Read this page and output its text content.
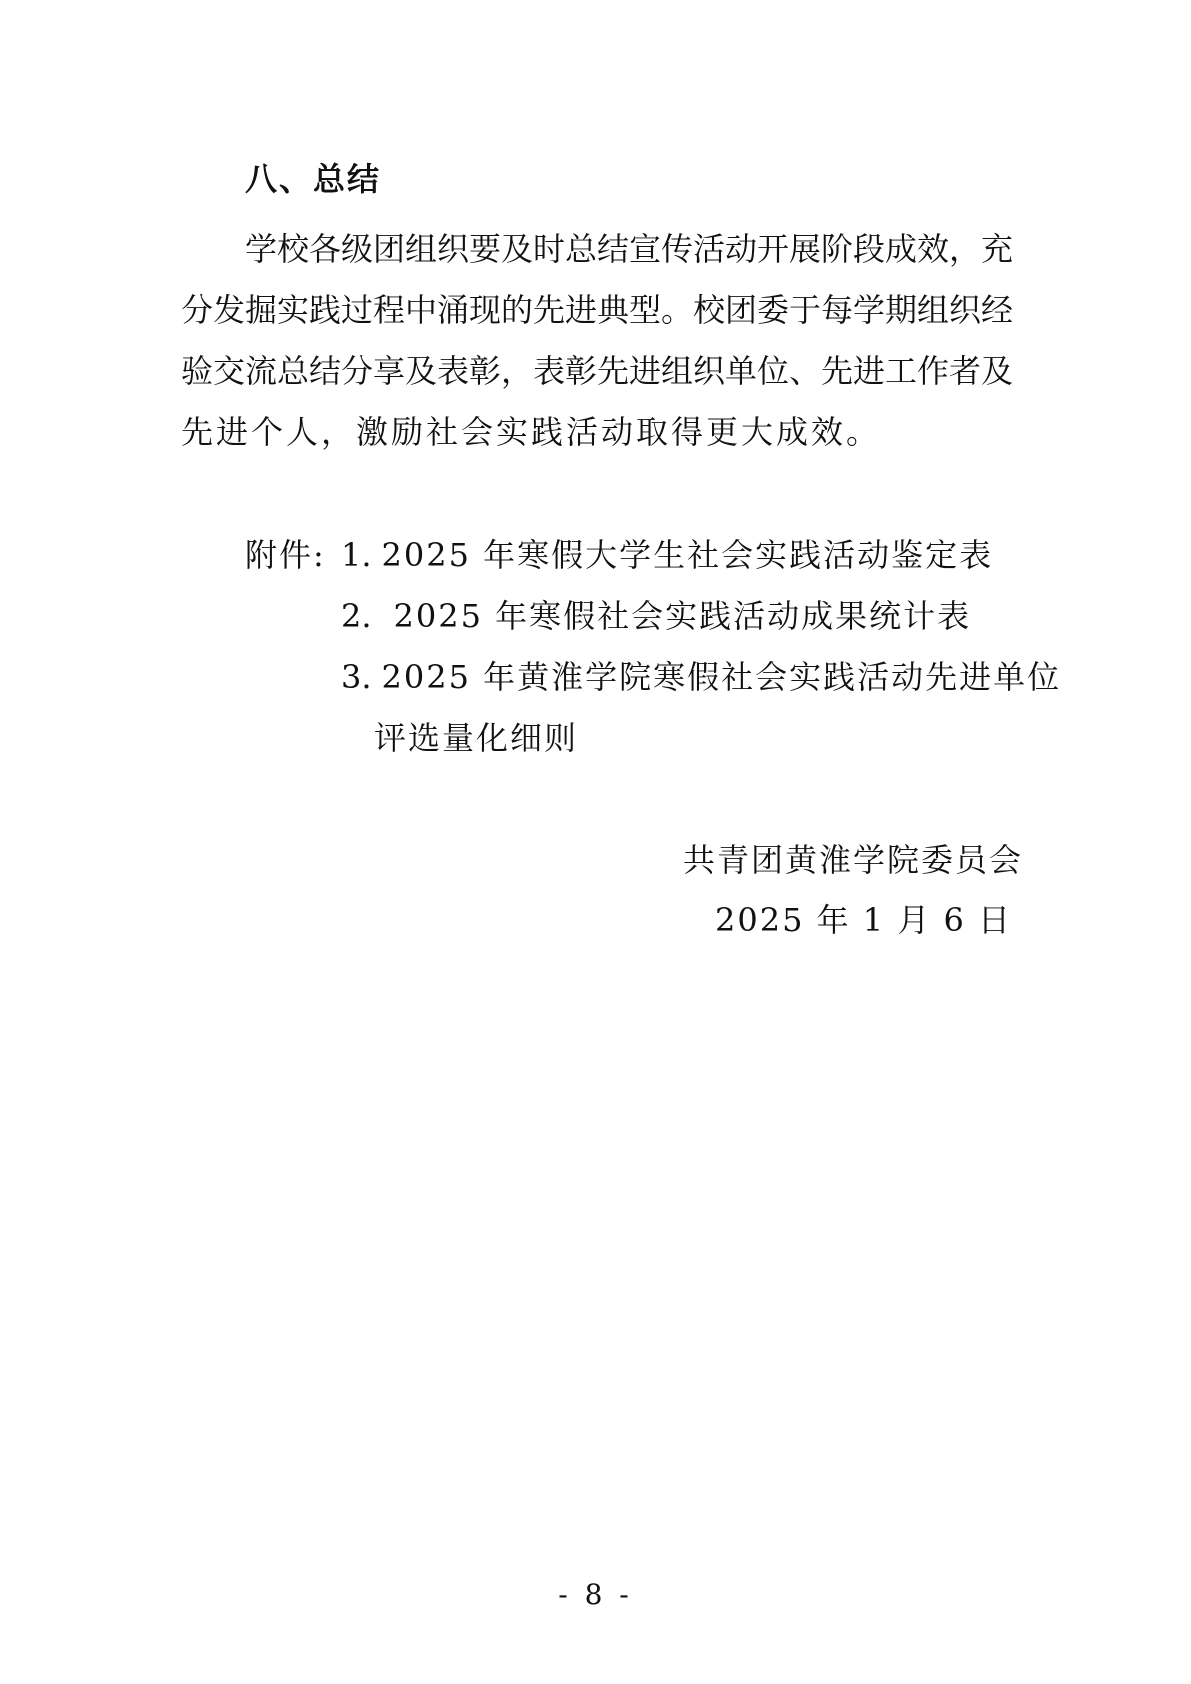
八、总结
学校各级团组织要及时总结宣传活动开展阶段成效，充
分发掘实践过程中涌现的先进典型。校团委于每学期组织经
验交流总结分享及表彰，表彰先进组织单位、先进工作者及
先进个人，激励社会实践活动取得更大成效。
附件: 1. 2025 年寒假大学生社会实践活动鉴定表
2. 2025 年寒假社会实践活动成果统计表
3. 2025 年黄淮学院寒假社会实践活动先进单位
评选量化细则
共青团黄淮学院委员会
2025 年 1 月 6 日
- 8 -
